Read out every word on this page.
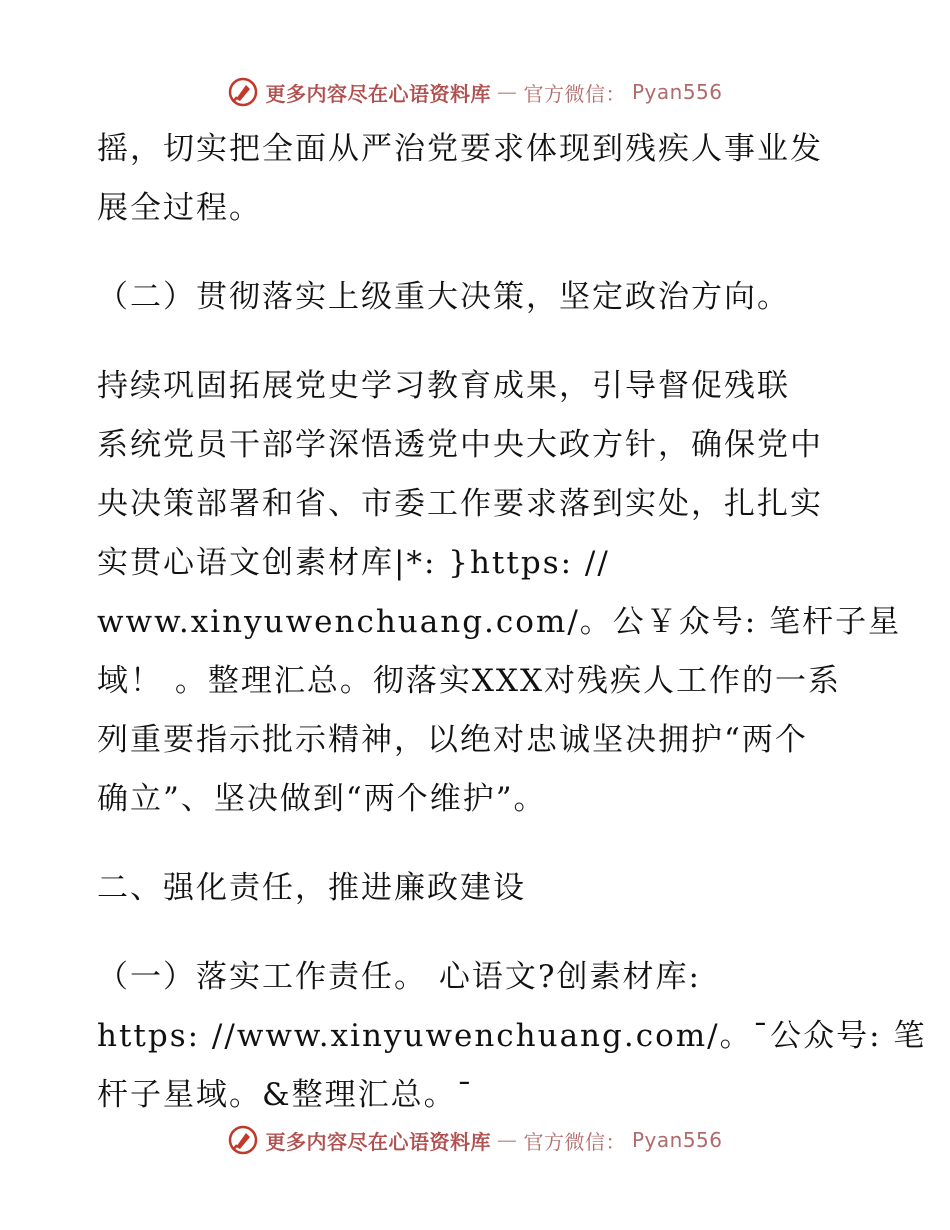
更多内容尽在心语资料库 — 官方微信： Pyan556
摇，切实把全面从严治党要求体现到残疾人事业发
展全过程。
（二）贯彻落实上级重大决策，坚定政治方向。
持续巩固拓展党史学习教育成果，引导督促残联
系统党员干部学深悟透党中央大政方针，确保党中
央决策部署和省、市委工作要求落到实处，扎扎实
实贯心语文创素材库|*: }https: //
www.xinyuwenchuang.com/。公￥众号: 笔杆子星
域！ 。整理汇总。彻落实XXX对残疾人工作的一系
列重要指示批示精神，以绝对忠诚坚决拥护“两个
确立”、坚决做到“两个维护”。
二、强化责任，推进廉政建设
（一）落实工作责任。 心语文?创素材库:
https: //www.xinyuwenchuang.com/。¯公众号: 笔
杆子星域。&整理汇总。¯
更多内容尽在心语资料库 — 官方微信： Pyan556
